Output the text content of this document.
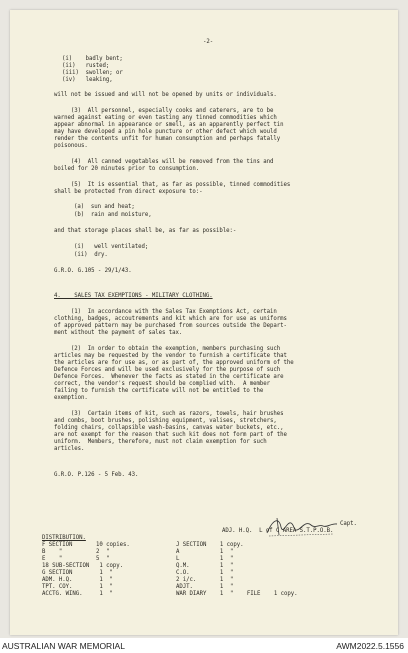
-2-
(i)    badly bent;
(ii)   rusted;
(iii)  swollen; or
(iv)   leaking,
will not be issued and will not be opened by units or individuals.
(3)  All personnel, especially cooks and caterers, are to be
warned against eating or even tasting any tinned commodities which
appear abnormal in appearance or smell, as an apparently perfect tin
may have developed a pin hole puncture or other defect which would
render the contents unfit for human consumption and perhaps fatally
poisonous.
(4)  All canned vegetables will be removed from the tins and
boiled for 20 minutes prior to consumption.
(5)  It is essential that, as far as possible, tinned commodities
shall be protected from direct exposure to:-
(a)  sun and heat;
(b)  rain and moisture,
and that storage places shall be, as far as possible:-
(i)   well ventilated;
(ii)  dry.
G.R.O. G.105 - 29/1/43.
4.    SALES TAX EXEMPTIONS - MILITARY CLOTHING.
(1)  In accordance with the Sales Tax Exemptions Act, certain
clothing, badges, accoutrements and kit which are for use as uniforms
of approved pattern may be purchased from sources outside the Depart-
ment without the payment of sales tax.
(2)  In order to obtain the exemption, members purchasing such
articles may be requested by the vendor to furnish a certificate that
the articles are for use as, or as part of, the approved uniform of the
Defence Forces and will be used exclusively for the purpose of such
Defence Forces.  Whenever the facts as stated in the certificate are
correct, the vendor's request should be complied with.  A member
failing to furnish the certificate will not be entitled to the
exemption.
(3)  Certain items of kit, such as razors, towels, hair brushes
and combs, boot brushes, polishing equipment, valises, stretchers,
folding chairs, collapsible wash-basins, canvas water buckets, etc.,
are not exempt for the reason that such kit does not form part of the
uniform.  Members, therefore, must not claim exemption for such
articles.
G.R.O. P.126 - 5 Feb. 43.
Capt.
ADJ. H.Q.  L of C AREA S.T.P.O.B.
DISTRIBUTION.
F SECTION       10 copies.
B    "          2  "
E    "          5  "
18 SUB-SECTION   1 copy.
G SECTION        1  "
ADM. H.Q.        1  "
TPT. COY.        1  "
ACCTG. WING.     1  "
J SECTION    1 copy.
A            1  "
L            1  "
Q.M.         1  "
C.O.         1  "
2 i/c.       1  "
ADJT.        1  "
WAR DIARY    1  "    FILE    1 copy.
AUSTRALIAN WAR MEMORIAL	AWM2022.5.1556
